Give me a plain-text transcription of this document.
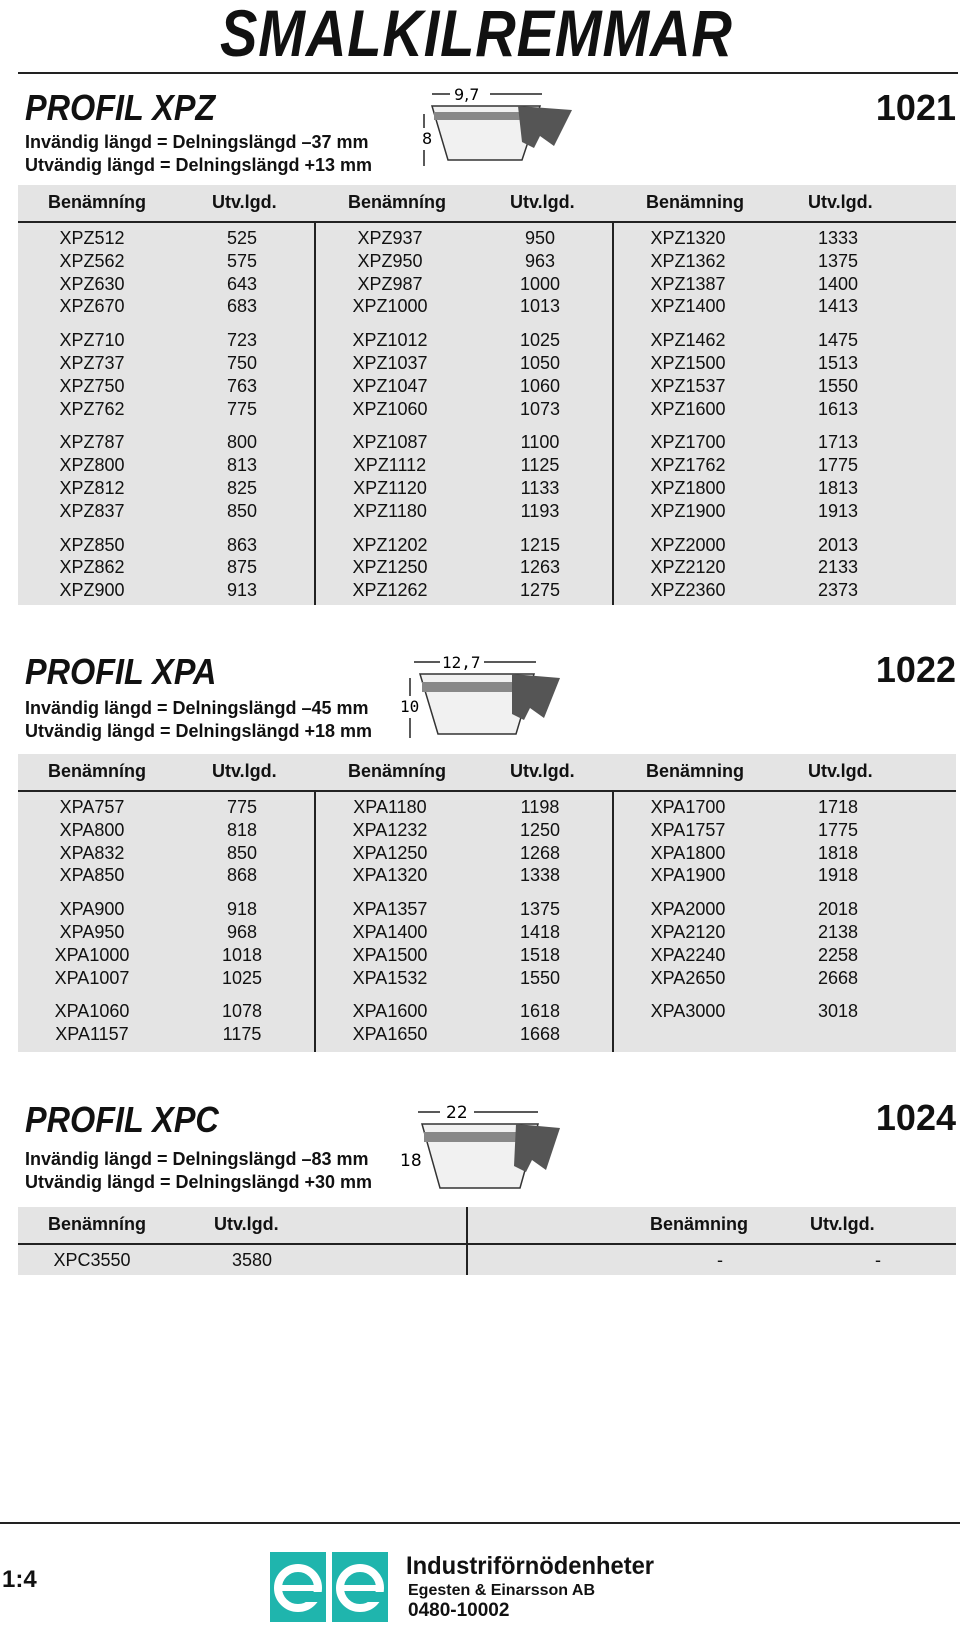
SMALKILREMMAR
PROFIL XPZ	1021
Invändig längd = Delningslängd –37 mm
Utvändig längd = Delningslängd +13 mm
9,7
8
Benämníng	Utv.lgd.	Benämníng	Utv.lgd.	Benämning	Utv.lgd.
XPZ512	525
XPZ562	575
XPZ630	643
XPZ670	683
XPZ710	723
XPZ737	750
XPZ750	763
XPZ762	775
XPZ787	800
XPZ800	813
XPZ812	825
XPZ837	850
XPZ850	863
XPZ862	875
XPZ900	913
XPZ937	950
XPZ950	963
XPZ987	1000
XPZ1000	1013
XPZ1012	1025
XPZ1037	1050
XPZ1047	1060
XPZ1060	1073
XPZ1087	1100
XPZ1112	1125
XPZ1120	1133
XPZ1180	1193
XPZ1202	1215
XPZ1250	1263
XPZ1262	1275
XPZ1320	1333
XPZ1362	1375
XPZ1387	1400
XPZ1400	1413
XPZ1462	1475
XPZ1500	1513
XPZ1537	1550
XPZ1600	1613
XPZ1700	1713
XPZ1762	1775
XPZ1800	1813
XPZ1900	1913
XPZ2000	2013
XPZ2120	2133
XPZ2360	2373
PROFIL XPA	1022
Invändig längd = Delningslängd –45 mm
Utvändig längd = Delningslängd +18 mm
12,7
10
Benämníng	Utv.lgd.	Benämníng	Utv.lgd.	Benämning	Utv.lgd.
XPA757	775
XPA800	818
XPA832	850
XPA850	868
XPA900	918
XPA950	968
XPA1000	1018
XPA1007	1025
XPA1060	1078
XPA1157	1175
XPA1180	1198
XPA1232	1250
XPA1250	1268
XPA1320	1338
XPA1357	1375
XPA1400	1418
XPA1500	1518
XPA1532	1550
XPA1600	1618
XPA1650	1668
XPA1700	1718
XPA1757	1775
XPA1800	1818
XPA1900	1918
XPA2000	2018
XPA2120	2138
XPA2240	2258
XPA2650	2668
XPA3000	3018
PROFIL XPC	1024
Invändig längd = Delningslängd –83 mm
Utvändig längd = Delningslängd +30 mm
22
18
Benämníng	Utv.lgd.	Benämning	Utv.lgd.
XPC3550	3580	-	-
1:4	Industriförnödenheter
Egesten & Einarsson AB
0480-10002
